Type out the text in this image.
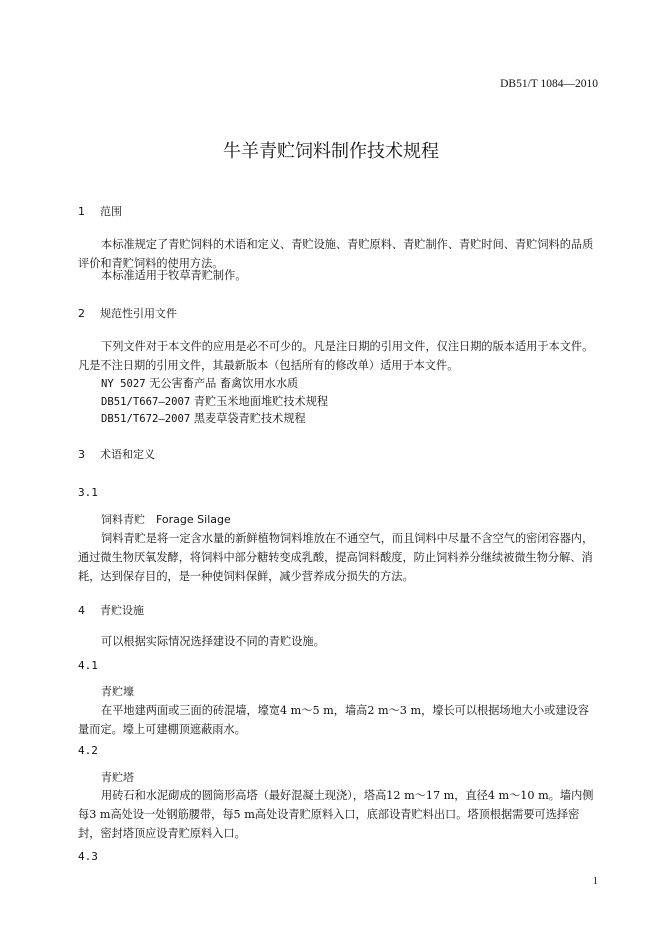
DB51/T 1084—2010
牛羊青贮饲料制作技术规程
1 范围
本标准规定了青贮饲料的术语和定义、青贮设施、青贮原料、青贮制作、青贮时间、青贮饲料的品质评价和青贮饲料的使用方法。
本标准适用于牧草青贮制作。
2 规范性引用文件
下列文件对于本文件的应用是必不可少的。凡是注日期的引用文件，仅注日期的版本适用于本文件。凡是不注日期的引用文件，其最新版本（包括所有的修改单）适用于本文件。
NY 5027 无公害畜产品 畜禽饮用水水质
DB51/T667—2007 青贮玉米地面堆贮技术规程
DB51/T672—2007 黑麦草袋青贮技术规程
3 术语和定义
3.1
饲料青贮　Forage Silage
饲料青贮是将一定含水量的新鲜植物饲料堆放在不通空气，而且饲料中尽量不含空气的密闭容器内，通过微生物厌氧发酵，将饲料中部分糖转变成乳酸，提高饲料酸度，防止饲料养分继续被微生物分解、消耗，达到保存目的，是一种使饲料保鲜，减少营养成分损失的方法。
4 青贮设施
可以根据实际情况选择建设不同的青贮设施。
4.1
青贮壕
在平地建两面或三面的砖混墙，壕宽4 m～5 m，墙高2 m～3 m，壕长可以根据场地大小或建设容量而定。壕上可建棚顶遮蔽雨水。
4.2
青贮塔
用砖石和水泥砌成的圆筒形高塔（最好混凝土现浇），塔高12 m～17 m，直径4 m～10 m。墙内侧每3 m高处设一处钢筋腰带，每5 m高处设青贮原料入口，底部设青贮料出口。塔顶根据需要可选择密封，密封塔顶应设青贮原料入口。
4.3
1
